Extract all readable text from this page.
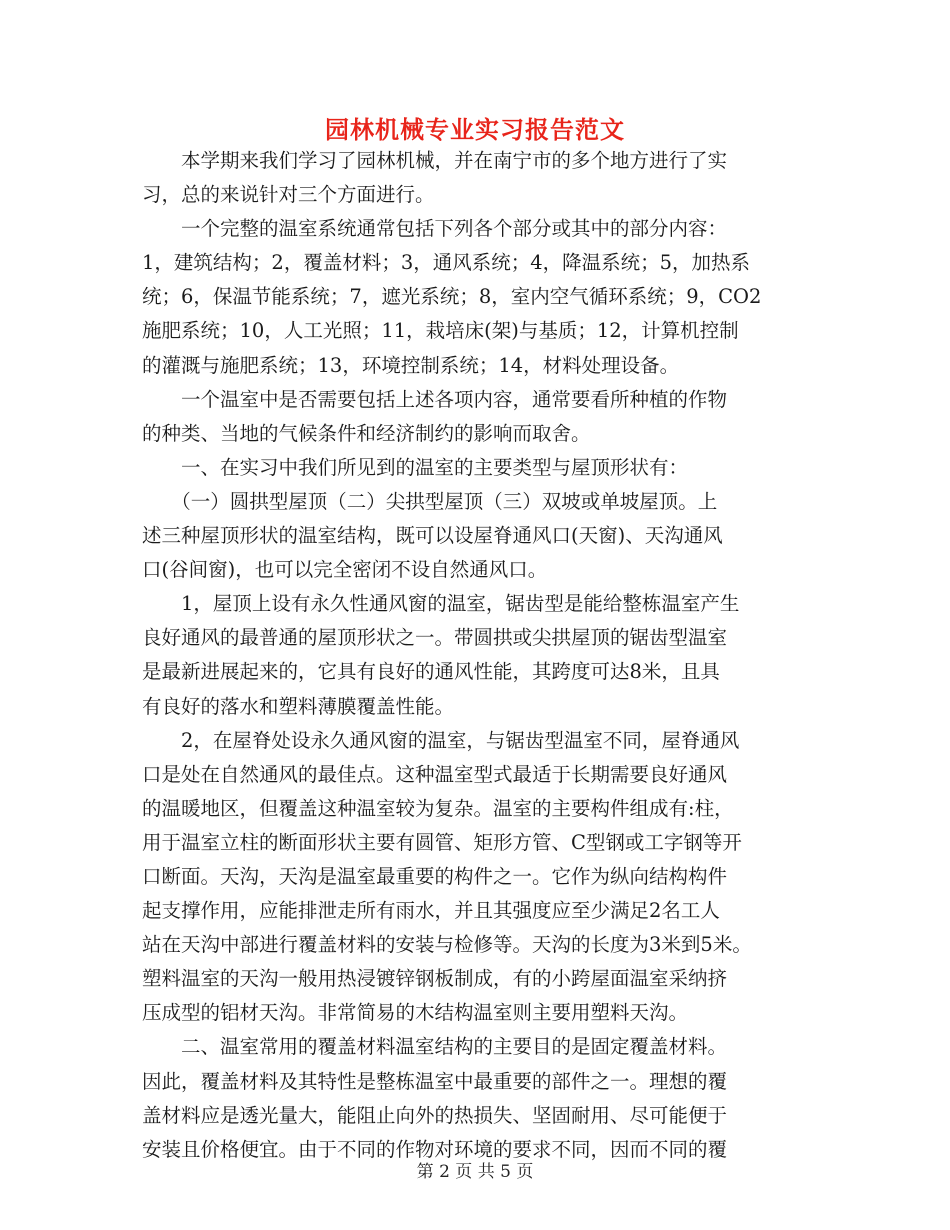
园林机械专业实习报告范文
　　本学期来我们学习了园林机械，并在南宁市的多个地方进行了实
习，总的来说针对三个方面进行。
　　一个完整的温室系统通常包括下列各个部分或其中的部分内容：
1，建筑结构；2，覆盖材料；3，通风系统；4，降温系统；5，加热系
统；6，保温节能系统；7，遮光系统；8，室内空气循环系统；9，CO2
施肥系统；10，人工光照；11，栽培床(架)与基质；12，计算机控制
的灌溉与施肥系统；13，环境控制系统；14，材料处理设备。
　　一个温室中是否需要包括上述各项内容，通常要看所种植的作物
的种类、当地的气候条件和经济制约的影响而取舍。
　　一、在实习中我们所见到的温室的主要类型与屋顶形状有：
　　（一）圆拱型屋顶（二）尖拱型屋顶（三）双坡或单坡屋顶。上
述三种屋顶形状的温室结构，既可以设屋脊通风口(天窗)、天沟通风
口(谷间窗)，也可以完全密闭不设自然通风口。
　　1，屋顶上设有永久性通风窗的温室，锯齿型是能给整栋温室产生
良好通风的最普通的屋顶形状之一。带圆拱或尖拱屋顶的锯齿型温室
是最新进展起来的，它具有良好的通风性能，其跨度可达8米，且具
有良好的落水和塑料薄膜覆盖性能。
　　2，在屋脊处设永久通风窗的温室，与锯齿型温室不同，屋脊通风
口是处在自然通风的最佳点。这种温室型式最适于长期需要良好通风
的温暖地区，但覆盖这种温室较为复杂。温室的主要构件组成有:柱，
用于温室立柱的断面形状主要有圆管、矩形方管、C型钢或工字钢等开
口断面。天沟，天沟是温室最重要的构件之一。它作为纵向结构构件
起支撑作用，应能排泄走所有雨水，并且其强度应至少满足2名工人
站在天沟中部进行覆盖材料的安装与检修等。天沟的长度为3米到5米。
塑料温室的天沟一般用热浸镀锌钢板制成，有的小跨屋面温室采纳挤
压成型的铝材天沟。非常简易的木结构温室则主要用塑料天沟。
　　二、温室常用的覆盖材料温室结构的主要目的是固定覆盖材料。
因此，覆盖材料及其特性是整栋温室中最重要的部件之一。理想的覆
盖材料应是透光量大，能阻止向外的热损失、坚固耐用、尽可能便于
安装且价格便宜。由于不同的作物对环境的要求不同，因而不同的覆
第 2 页 共 5 页
